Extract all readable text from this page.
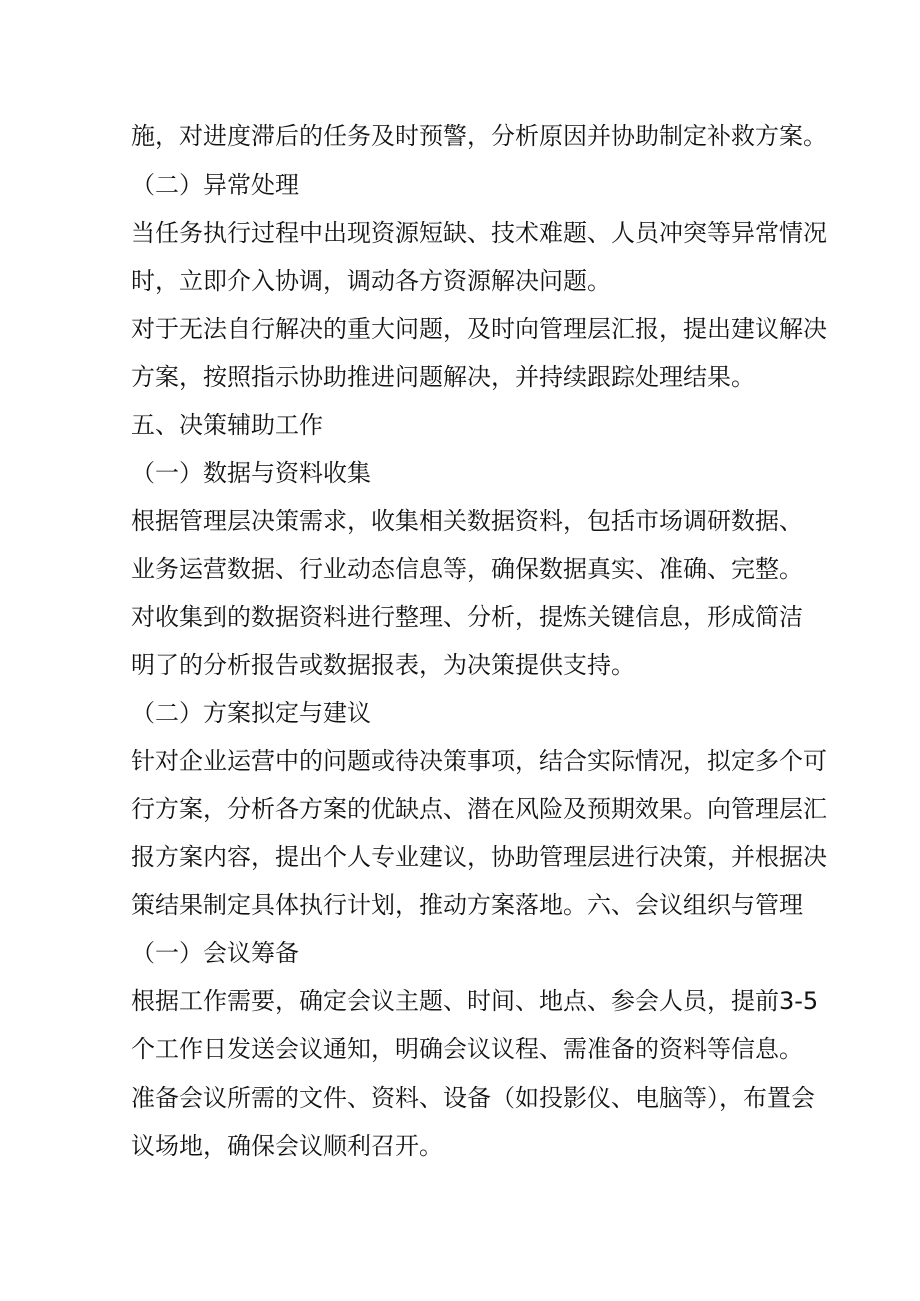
施，对进度滞后的任务及时预警，分析原因并协助制定补救方案。

（二）异常处理

当任务执行过程中出现资源短缺、技术难题、人员冲突等异常情况

时，立即介入协调，调动各方资源解决问题。

对于无法自行解决的重大问题，及时向管理层汇报，提出建议解决

方案，按照指示协助推进问题解决，并持续跟踪处理结果。

五、决策辅助工作

（一）数据与资料收集

根据管理层决策需求，收集相关数据资料，包括市场调研数据、

业务运营数据、行业动态信息等，确保数据真实、准确、完整。

对收集到的数据资料进行整理、分析，提炼关键信息，形成简洁

明了的分析报告或数据报表，为决策提供支持。

（二）方案拟定与建议

针对企业运营中的问题或待决策事项，结合实际情况，拟定多个可

行方案，分析各方案的优缺点、潜在风险及预期效果。向管理层汇

报方案内容，提出个人专业建议，协助管理层进行决策，并根据决

策结果制定具体执行计划，推动方案落地。六、会议组织与管理

（一）会议筹备

根据工作需要，确定会议主题、时间、地点、参会人员，提前3-5

个工作日发送会议通知，明确会议议程、需准备的资料等信息。

准备会议所需的文件、资料、设备（如投影仪、电脑等），布置会

议场地，确保会议顺利召开。
